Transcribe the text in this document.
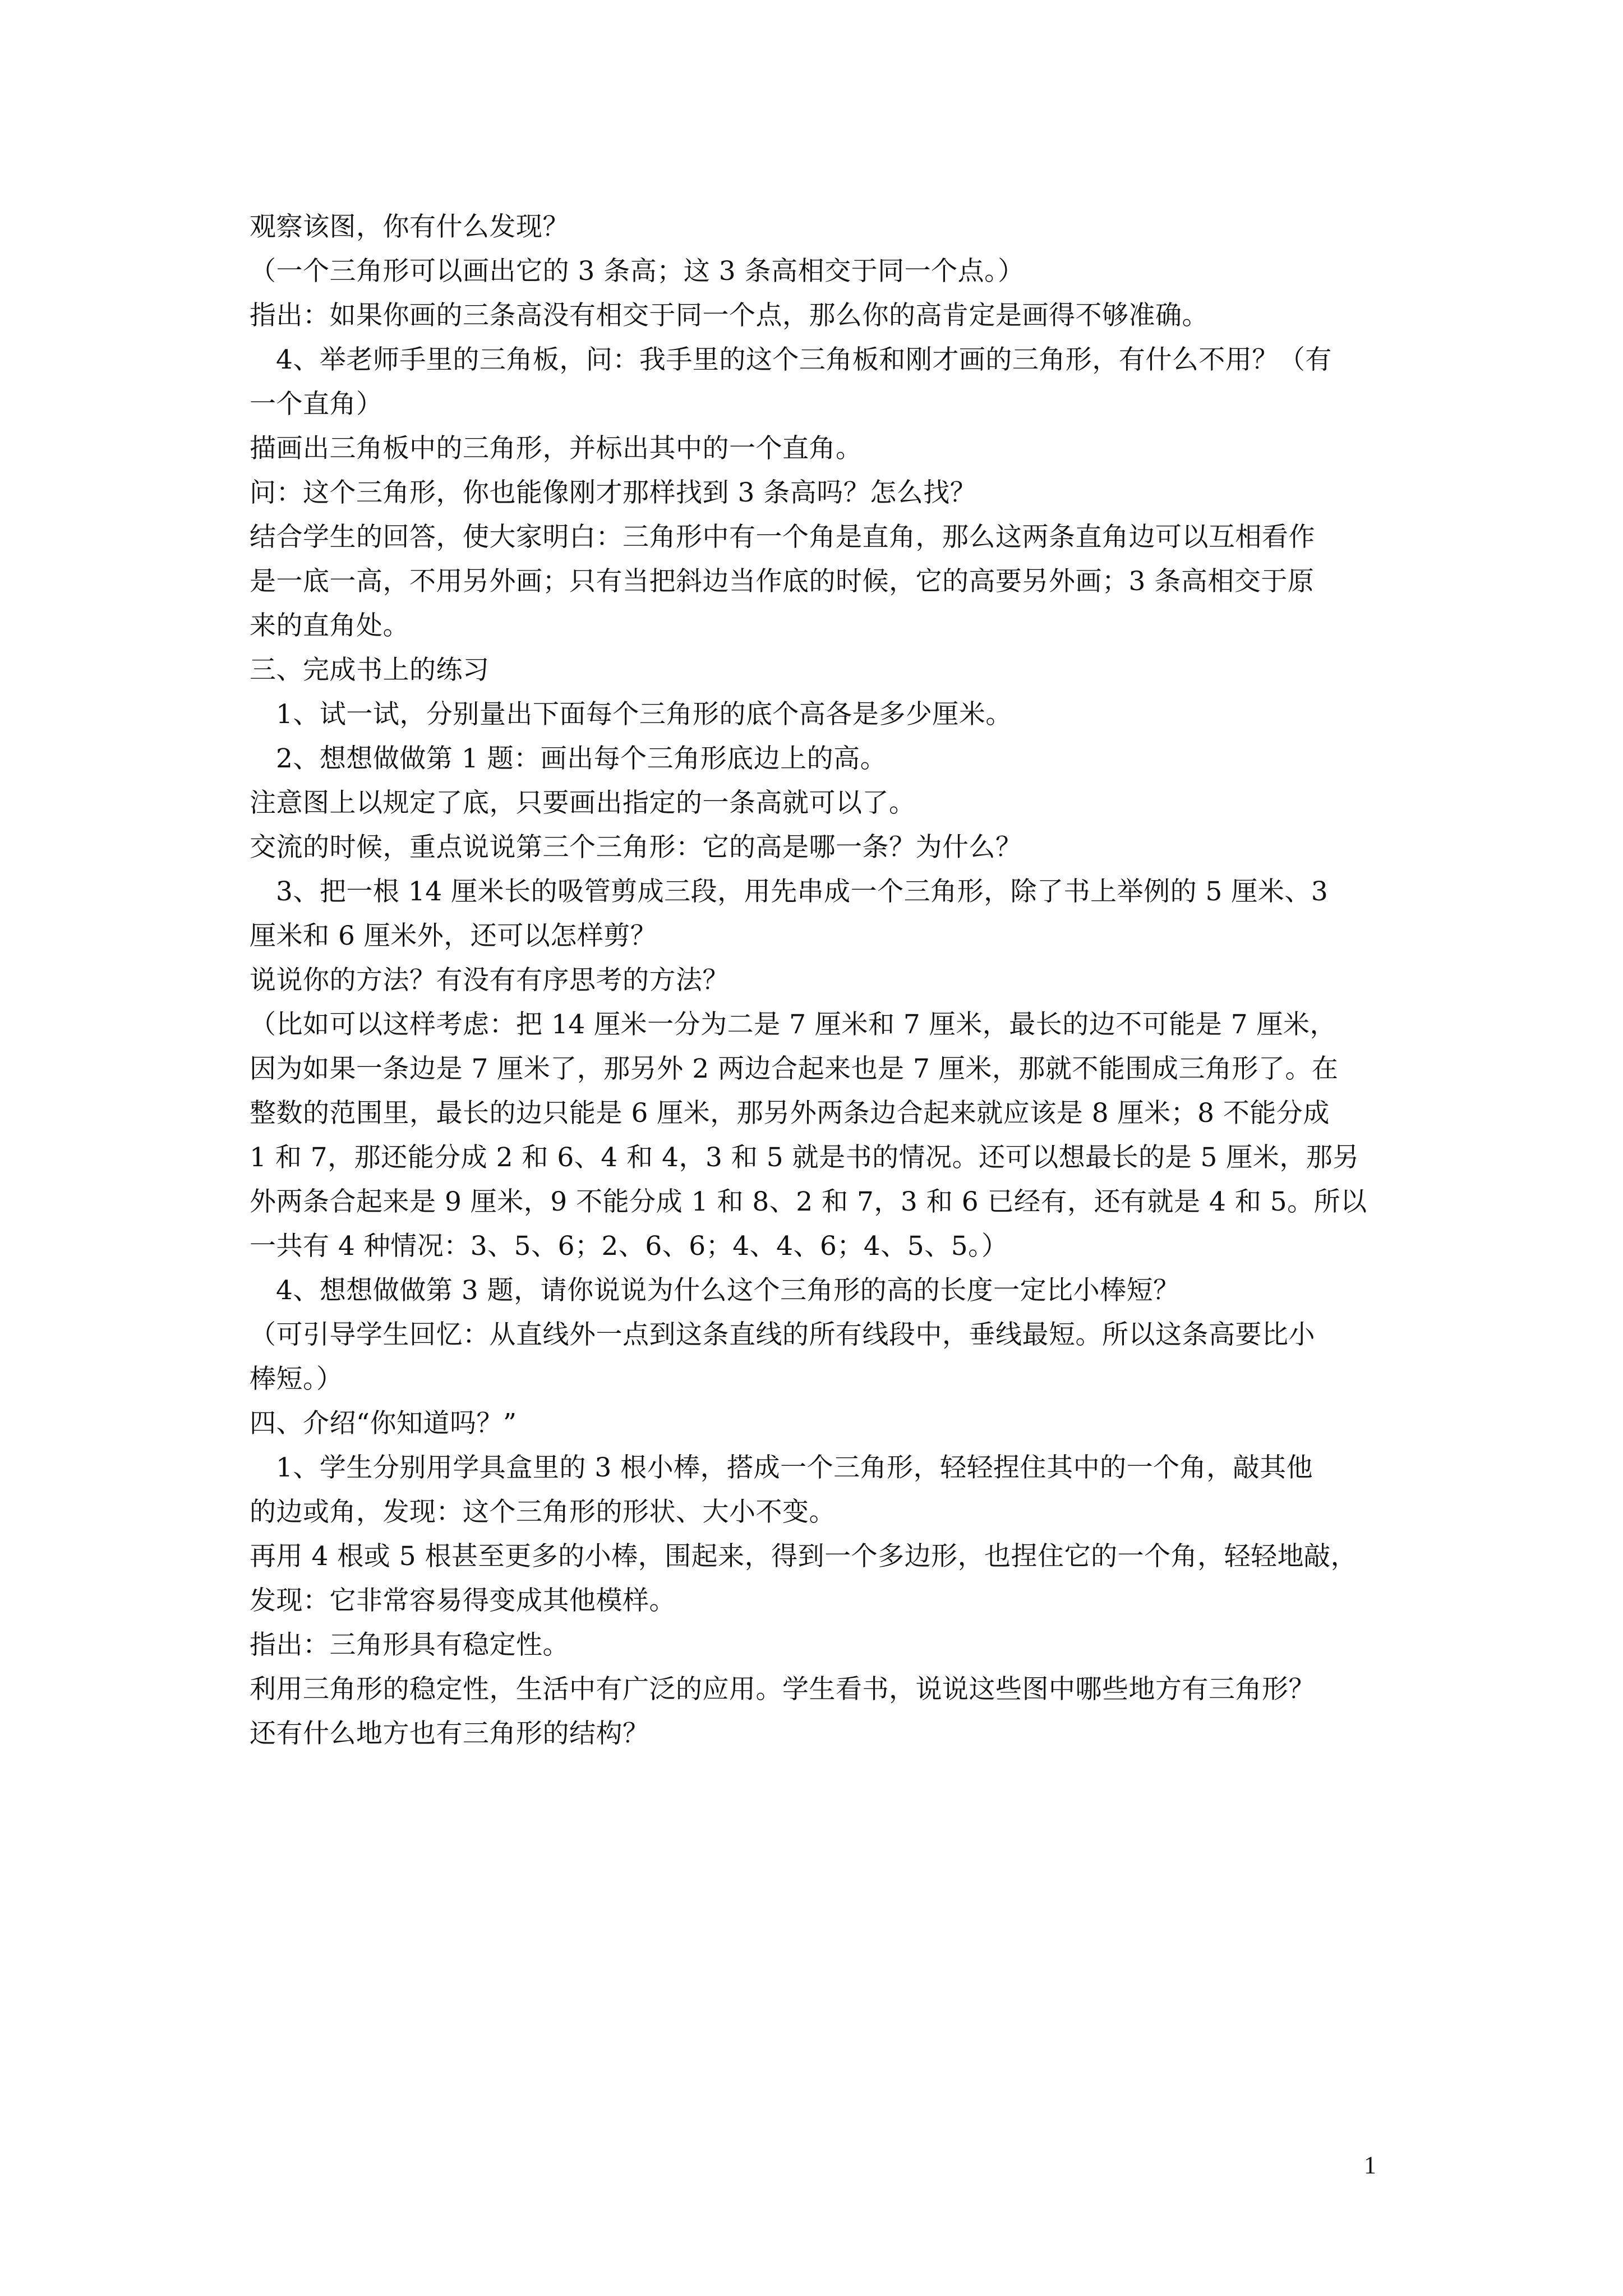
观察该图，你有什么发现？
（一个三角形可以画出它的 3 条高；这 3 条高相交于同一个点。）
指出：如果你画的三条高没有相交于同一个点，那么你的高肯定是画得不够准确。
4、举老师手里的三角板，问：我手里的这个三角板和刚才画的三角形，有什么不用？（有
一个直角）
描画出三角板中的三角形，并标出其中的一个直角。
问：这个三角形，你也能像刚才那样找到 3 条高吗？怎么找？
结合学生的回答，使大家明白：三角形中有一个角是直角，那么这两条直角边可以互相看作
是一底一高，不用另外画；只有当把斜边当作底的时候，它的高要另外画；3 条高相交于原
来的直角处。
三、完成书上的练习
1、试一试，分别量出下面每个三角形的底个高各是多少厘米。
2、想想做做第 1 题：画出每个三角形底边上的高。
注意图上以规定了底，只要画出指定的一条高就可以了。
交流的时候，重点说说第三个三角形：它的高是哪一条？为什么？
3、把一根 14 厘米长的吸管剪成三段，用先串成一个三角形，除了书上举例的 5 厘米、3
厘米和 6 厘米外，还可以怎样剪？
说说你的方法？有没有有序思考的方法？
（比如可以这样考虑：把 14 厘米一分为二是 7 厘米和 7 厘米，最长的边不可能是 7 厘米，
因为如果一条边是 7 厘米了，那另外 2 两边合起来也是 7 厘米，那就不能围成三角形了。在
整数的范围里，最长的边只能是 6 厘米，那另外两条边合起来就应该是 8 厘米；8 不能分成
1 和 7，那还能分成 2 和 6、4 和 4，3 和 5 就是书的情况。还可以想最长的是 5 厘米，那另
外两条合起来是 9 厘米，9 不能分成 1 和 8、2 和 7，3 和 6 已经有，还有就是 4 和 5。所以
一共有 4 种情况：3、5、6；2、6、6；4、4、6；4、5、5。）
4、想想做做第 3 题，请你说说为什么这个三角形的高的长度一定比小棒短？
（可引导学生回忆：从直线外一点到这条直线的所有线段中，垂线最短。所以这条高要比小
棒短。）
四、介绍“你知道吗？”
1、学生分别用学具盒里的 3 根小棒，搭成一个三角形，轻轻捏住其中的一个角，敲其他
的边或角，发现：这个三角形的形状、大小不变。
再用 4 根或 5 根甚至更多的小棒，围起来，得到一个多边形，也捏住它的一个角，轻轻地敲，
发现：它非常容易得变成其他模样。
指出：三角形具有稳定性。
利用三角形的稳定性，生活中有广泛的应用。学生看书，说说这些图中哪些地方有三角形？
还有什么地方也有三角形的结构？
1
